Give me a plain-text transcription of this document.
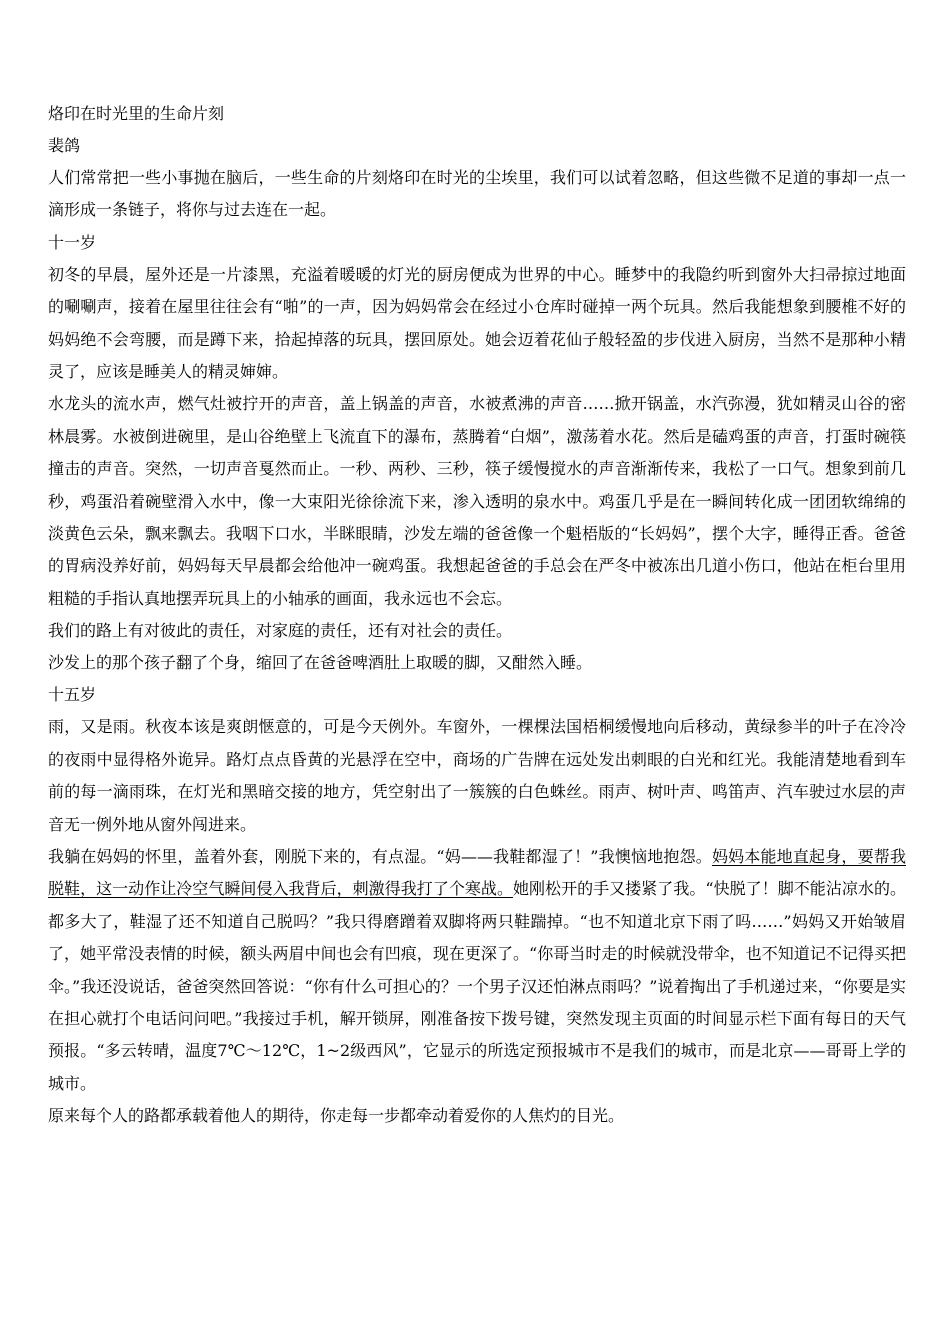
烙印在时光里的生命片刻
裴鸽
人们常常把一些小事抛在脑后，一些生命的片刻烙印在时光的尘埃里，我们可以试着忽略，但这些微不足道的事却一点一滴形成一条链子，将你与过去连在一起。
十一岁
初冬的早晨，屋外还是一片漆黑，充溢着暖暖的灯光的厨房便成为世界的中心。睡梦中的我隐约听到窗外大扫帚掠过地面的唰唰声，接着在屋里往往会有“啪”的一声，因为妈妈常会在经过小仓库时碰掉一两个玩具。然后我能想象到腰椎不好的妈妈绝不会弯腰，而是蹲下来，拾起掉落的玩具，摆回原处。她会迈着花仙子般轻盈的步伐进入厨房，当然不是那种小精灵了，应该是睡美人的精灵婶婶。
水龙头的流水声，燃气灶被拧开的声音，盖上锅盖的声音，水被煮沸的声音……掀开锅盖，水汽弥漫，犹如精灵山谷的密林晨雾。水被倒进碗里，是山谷绝壁上飞流直下的瀑布，蒸腾着“白烟”，激荡着水花。然后是磕鸡蛋的声音，打蛋时碗筷撞击的声音。突然，一切声音戛然而止。一秒、两秒、三秒，筷子缓慢搅水的声音渐渐传来，我松了一口气。想象到前几秒，鸡蛋沿着碗壁滑入水中，像一大束阳光徐徐流下来，渗入透明的泉水中。鸡蛋几乎是在一瞬间转化成一团团软绵绵的淡黄色云朵，飘来飘去。我咽下口水，半眯眼睛，沙发左端的爸爸像一个魁梧版的“长妈妈”，摆个大字，睡得正香。爸爸的胃病没养好前，妈妈每天早晨都会给他冲一碗鸡蛋。我想起爸爸的手总会在严冬中被冻出几道小伤口，他站在柜台里用粗糙的手指认真地摆弄玩具上的小轴承的画面，我永远也不会忘。
我们的路上有对彼此的责任，对家庭的责任，还有对社会的责任。
沙发上的那个孩子翻了个身，缩回了在爸爸啤酒肚上取暖的脚，又酣然入睡。
十五岁
雨，又是雨。秋夜本该是爽朗惬意的，可是今天例外。车窗外，一棵棵法国梧桐缓慢地向后移动，黄绿参半的叶子在冷冷的夜雨中显得格外诡异。路灯点点昏黄的光悬浮在空中，商场的广告牌在远处发出刺眼的白光和红光。我能清楚地看到车前的每一滴雨珠，在灯光和黑暗交接的地方，凭空射出了一簇簇的白色蛛丝。雨声、树叶声、鸣笛声、汽车驶过水层的声音无一例外地从窗外闯进来。
我躺在妈妈的怀里，盖着外套，刚脱下来的，有点湿。“妈——我鞋都湿了！”我懊恼地抱怨。妈妈本能地直起身，要帮我脱鞋，这一动作让冷空气瞬间侵入我背后，刺激得我打了个寒战。她刚松开的手又搂紧了我。“快脱了！脚不能沾凉水的。都多大了，鞋湿了还不知道自己脱吗？”我只得磨蹭着双脚将两只鞋踹掉。“也不知道北京下雨了吗……”妈妈又开始皱眉了，她平常没表情的时候，额头两眉中间也会有凹痕，现在更深了。“你哥当时走的时候就没带伞，也不知道记不记得买把伞。”我还没说话，爸爸突然回答说：“你有什么可担心的？一个男子汉还怕淋点雨吗？”说着掏出了手机递过来，“你要是实在担心就打个电话问问吧。”我接过手机，解开锁屏，刚准备按下拨号键，突然发现主页面的时间显示栏下面有每日的天气预报。“多云转晴，温度7℃～12℃，1~2级西风”，它显示的所选定预报城市不是我们的城市，而是北京——哥哥上学的城市。
原来每个人的路都承载着他人的期待，你走每一步都牵动着爱你的人焦灼的目光。
